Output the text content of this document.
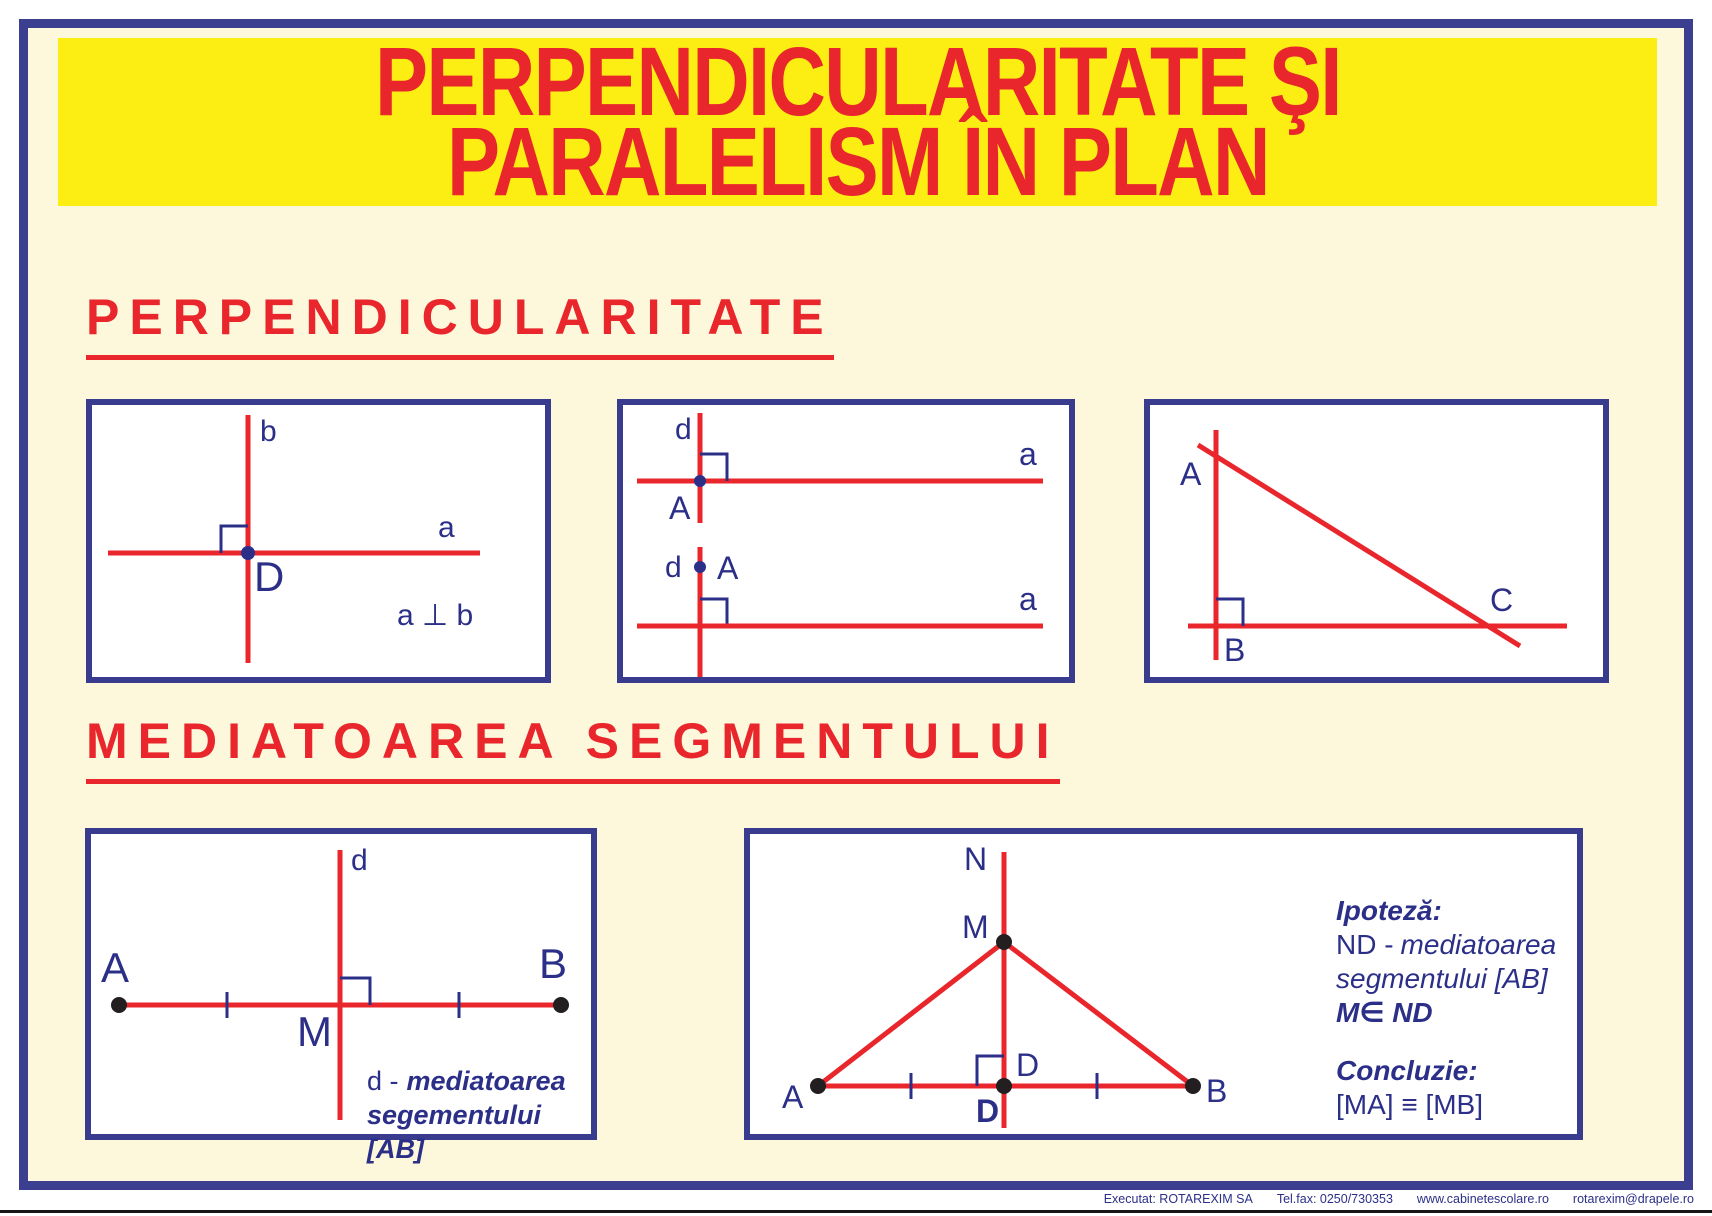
PERPENDICULARITATE ŞI
PARALELISM ÎN PLAN
PERPENDICULARITATE
b
a
D
a ⊥ b
d
a
A
d A
a
A
B
C
MEDIATOAREA SEGMENTULUI
d
A	B
M
d - mediatoarea
segementului [AB]
N
M
A	B
D
D
Ipoteză:
ND - mediatoarea
segmentului [AB]
M∈ ND
Concluzie:
[MA] ≡ [MB]
Executat: ROTAREXIM SA Tel.fax: 0250/730353 www.cabinetescolare.ro rotarexim@drapele.ro
